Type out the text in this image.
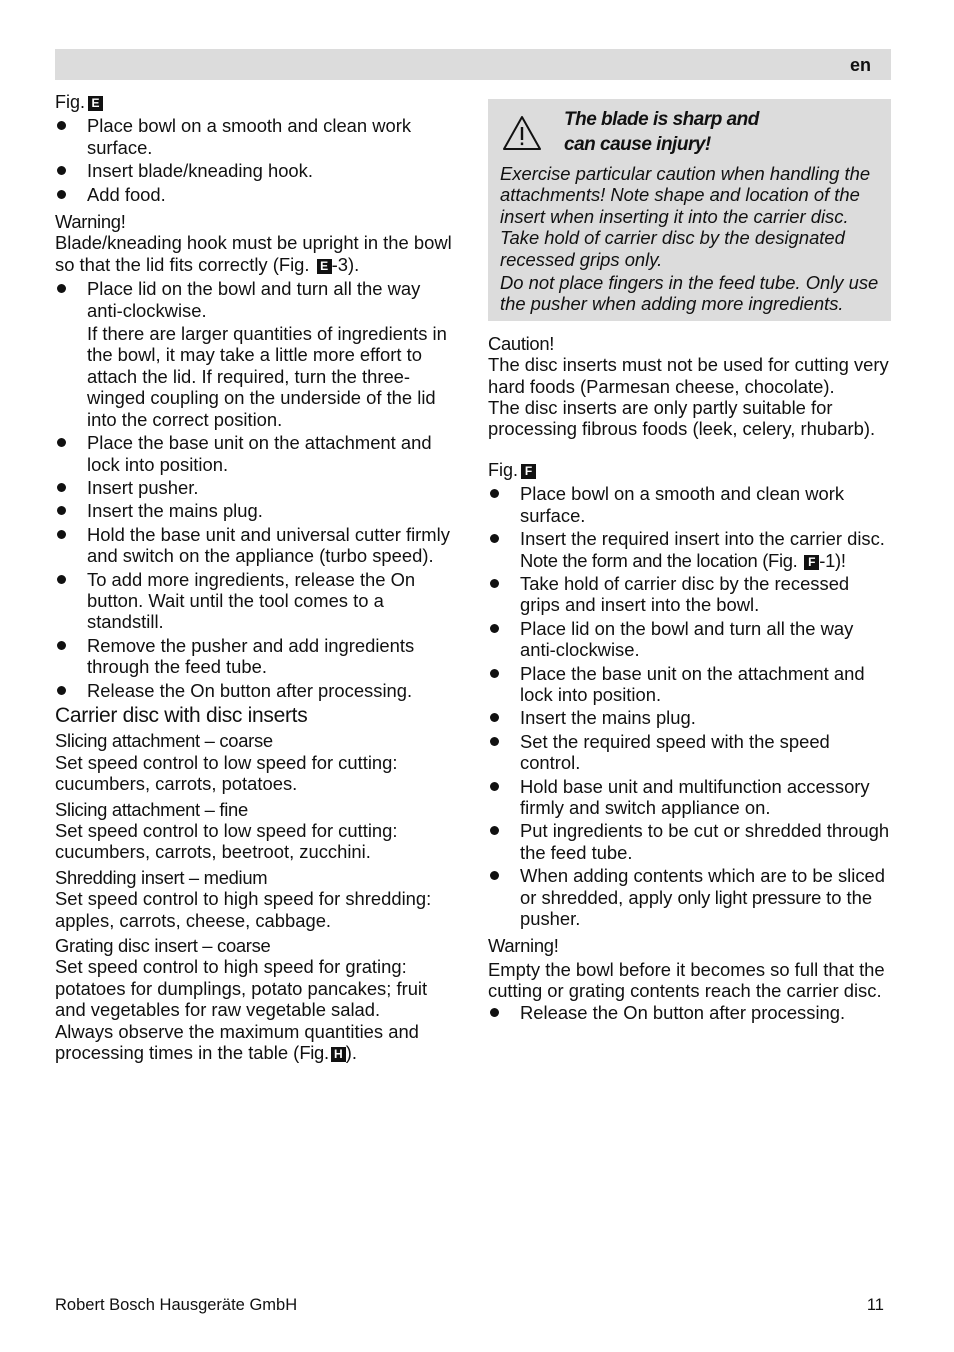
en

Fig. E

Place bowl on a smooth and clean work surface.
Insert blade/kneading hook.
Add food.

Warning!

Blade/kneading hook must be upright in the bowl so that the lid fits correctly (Fig. E -3).

Place lid on the bowl and turn all the way anti-clockwise.
If there are larger quantities of ingredients in the bowl, it may take a little more effort to attach the lid. If required, turn the three-winged coupling on the underside of the lid into the correct position.
Place the base unit on the attachment and lock into position.
Insert pusher.
Insert the mains plug.
Hold the base unit and universal cutter firmly and switch on the appliance (turbo speed).
To add more ingredients, release the On button. Wait until the tool comes to a standstill.
Remove the pusher and add ingredients through the feed tube.
Release the On button after processing.

Carrier disc with disc inserts

Slicing attachment – coarse

Set speed control to low speed for cutting: cucumbers, carrots, potatoes.

Slicing attachment – fine

Set speed control to low speed for cutting: cucumbers, carrots, beetroot, zucchini.

Shredding insert – medium

Set speed control to high speed for shredding: apples, carrots, cheese, cabbage.

Grating disc insert – coarse

Set speed control to high speed for grating: potatoes for dumplings, potato pancakes; fruit and vegetables for raw vegetable salad.

Always observe the maximum quantities and processing times in the table (Fig. H ).

The blade is sharp and
can cause injury!

Exercise particular caution when handling the attachments! Note shape and location of the insert when inserting it into the carrier disc. Take hold of carrier disc by the designated recessed grips only.

Do not place fingers in the feed tube. Only use the pusher when adding more ingredients.

Caution!

The disc inserts must not be used for cutting very hard foods (Parmesan cheese, chocolate).

The disc inserts are only partly suitable for processing fibrous foods (leek, celery, rhubarb).

Fig. F

Place bowl on a smooth and clean work surface.
Insert the required insert into the carrier disc. Note the form and the location (Fig. F -1)!
Take hold of carrier disc by the recessed grips and insert into the bowl.
Place lid on the bowl and turn all the way anti-clockwise.
Place the base unit on the attachment and lock into position.
Insert the mains plug.
Set the required speed with the speed control.
Hold base unit and multifunction accessory firmly and switch appliance on.
Put ingredients to be cut or shredded through the feed tube.
When adding contents which are to be sliced or shredded, apply only light pressure to the pusher.

Warning!

Empty the bowl before it becomes so full that the cutting or grating contents reach the carrier disc.

Release the On button after processing.
Robert Bosch Hausgeräte GmbH	11
